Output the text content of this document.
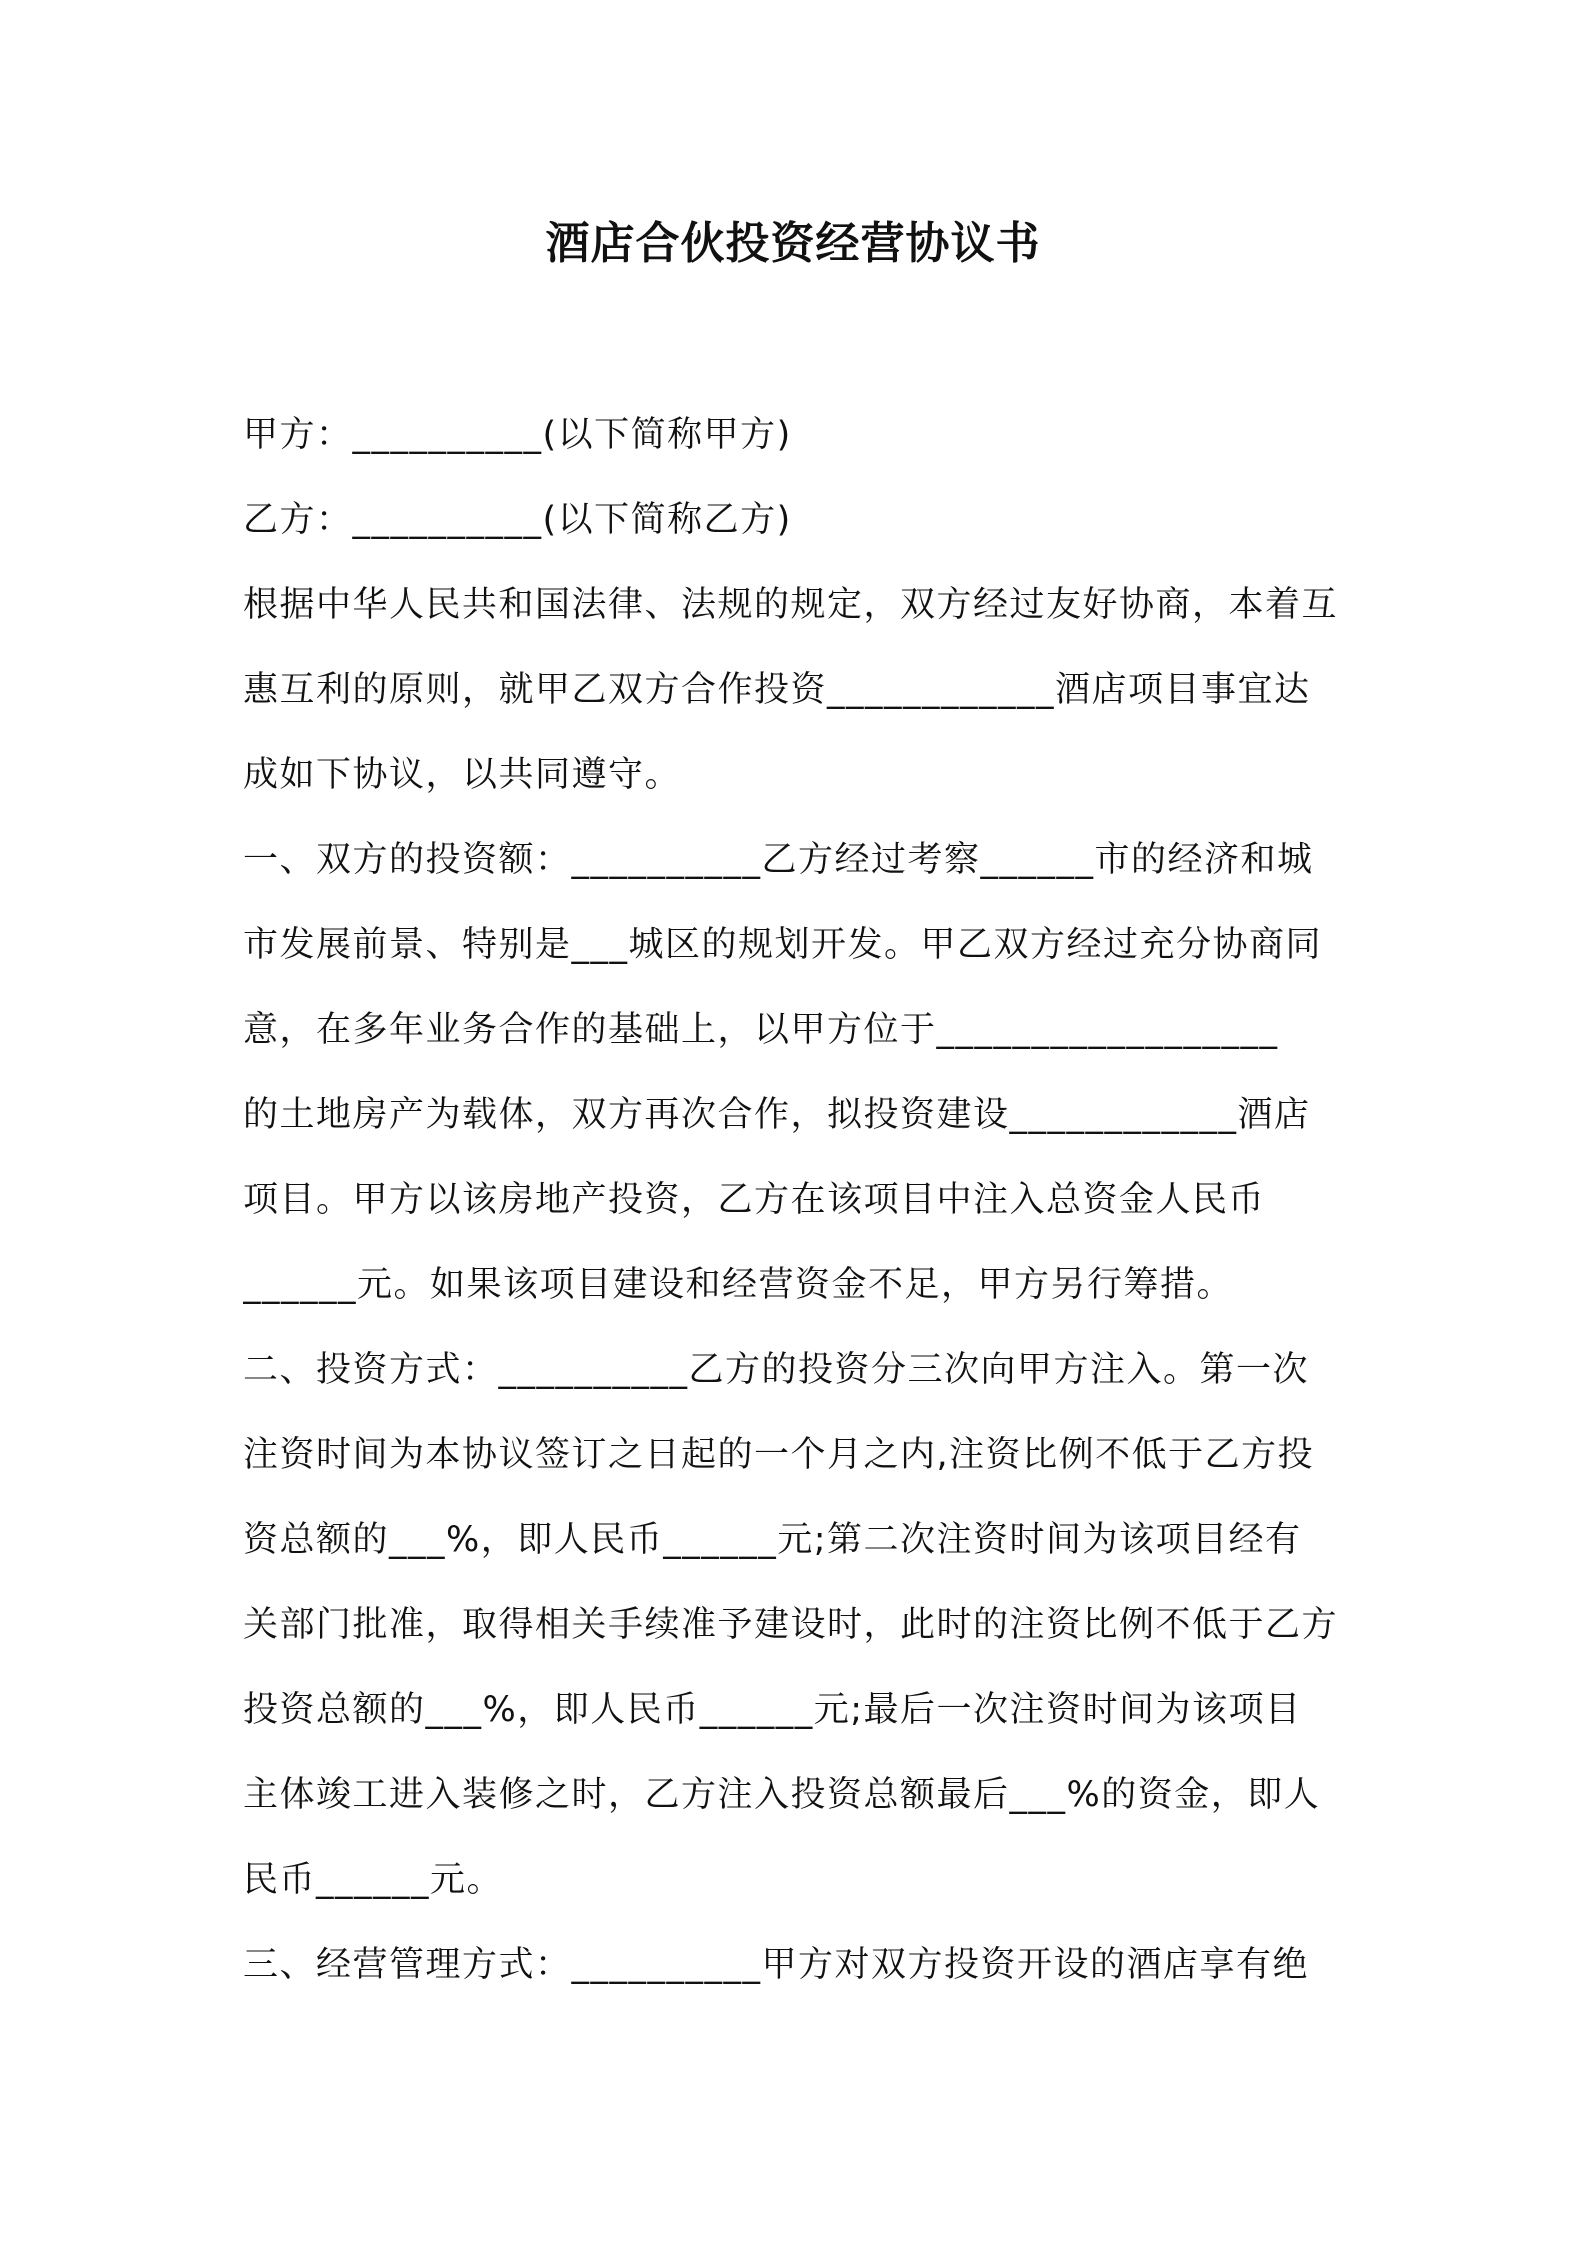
酒店合伙投资经营协议书
甲方：__________(以下简称甲方)
乙方：__________(以下简称乙方)
根据中华人民共和国法律、法规的规定，双方经过友好协商，本着互
惠互利的原则，就甲乙双方合作投资____________酒店项目事宜达
成如下协议，以共同遵守。
一、双方的投资额：__________乙方经过考察______市的经济和城
市发展前景、特别是___城区的规划开发。甲乙双方经过充分协商同
意，在多年业务合作的基础上，以甲方位于__________________
的土地房产为载体，双方再次合作，拟投资建设____________酒店
项目。甲方以该房地产投资，乙方在该项目中注入总资金人民币
______元。如果该项目建设和经营资金不足，甲方另行筹措。
二、投资方式：__________乙方的投资分三次向甲方注入。第一次
注资时间为本协议签订之日起的一个月之内,注资比例不低于乙方投
资总额的___%，即人民币______元;第二次注资时间为该项目经有
关部门批准，取得相关手续准予建设时，此时的注资比例不低于乙方
投资总额的___%，即人民币______元;最后一次注资时间为该项目
主体竣工进入装修之时，乙方注入投资总额最后___%的资金，即人
民币______元。
三、经营管理方式：__________甲方对双方投资开设的酒店享有绝
